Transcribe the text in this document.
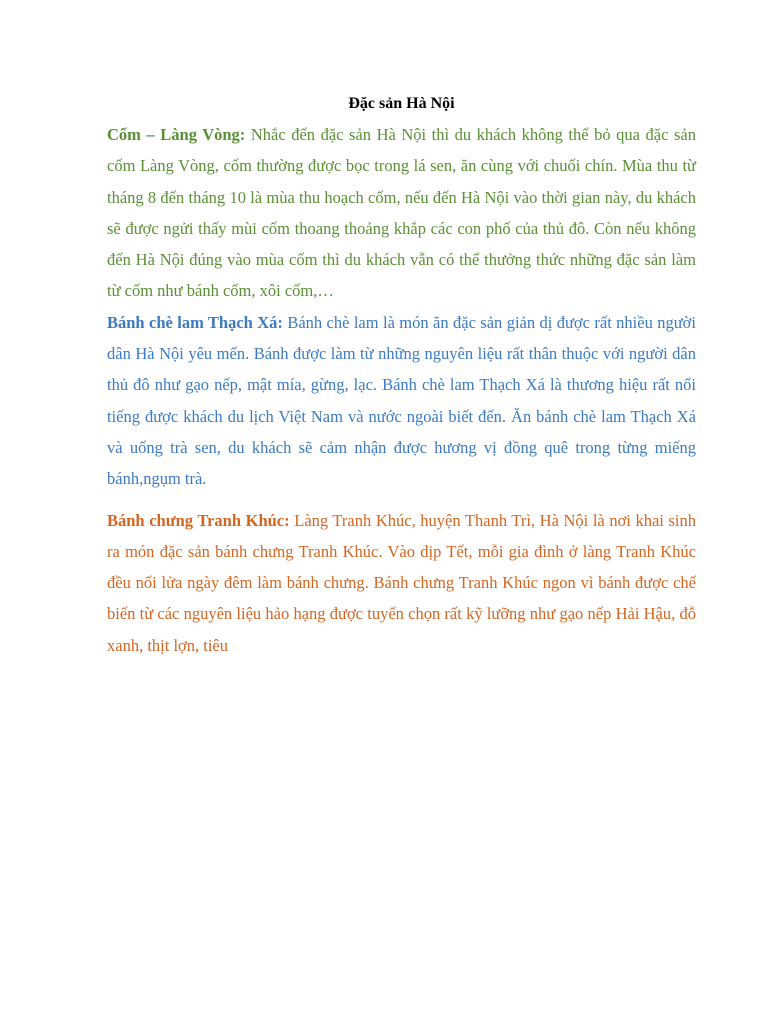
Đặc sản Hà Nội

Cốm – Làng Vòng: Nhắc đến đặc sản Hà Nội thì du khách không thể bỏ qua đặc sản cốm Làng Vòng, cốm thường được bọc trong lá sen, ăn cùng với chuối chín. Mùa thu từ tháng 8 đến tháng 10 là mùa thu hoạch cốm, nếu đến Hà Nội vào thời gian này, du khách sẽ được ngửi thấy mùi cốm thoang thoảng khắp các con phố của thủ đô. Còn nếu không đến Hà Nội đúng vào mùa cốm thì du khách vẫn có thể thưởng thức những đặc sản làm từ cốm như bánh cốm, xôi cốm,…

Bánh chè lam Thạch Xá: Bánh chè lam là món ăn đặc sản giản dị được rất nhiều người dân Hà Nội yêu mến. Bánh được làm từ những nguyên liệu rất thân thuộc với người dân thủ đô như gạo nếp, mật mía, gừng, lạc. Bánh chè lam Thạch Xá là thương hiệu rất nổi tiếng được khách du lịch Việt Nam và nước ngoài biết đến. Ăn bánh chè lam Thạch Xá và uống trà sen, du khách sẽ cảm nhận được hương vị đồng quê trong từng miếng bánh,ngụm trà.

Bánh chưng Tranh Khúc: Làng Tranh Khúc, huyện Thanh Trì, Hà Nội là nơi khai sinh ra món đặc sản bánh chưng Tranh Khúc. Vào dịp Tết, mỗi gia đình ở làng Tranh Khúc đều nối lửa ngày đêm làm bánh chưng. Bánh chưng Tranh Khúc ngon vì bánh được chế biến từ các nguyên liệu hảo hạng được tuyển chọn rất kỹ lưỡng như gạo nếp Hải Hậu, đỗ xanh, thịt lợn, tiêu
